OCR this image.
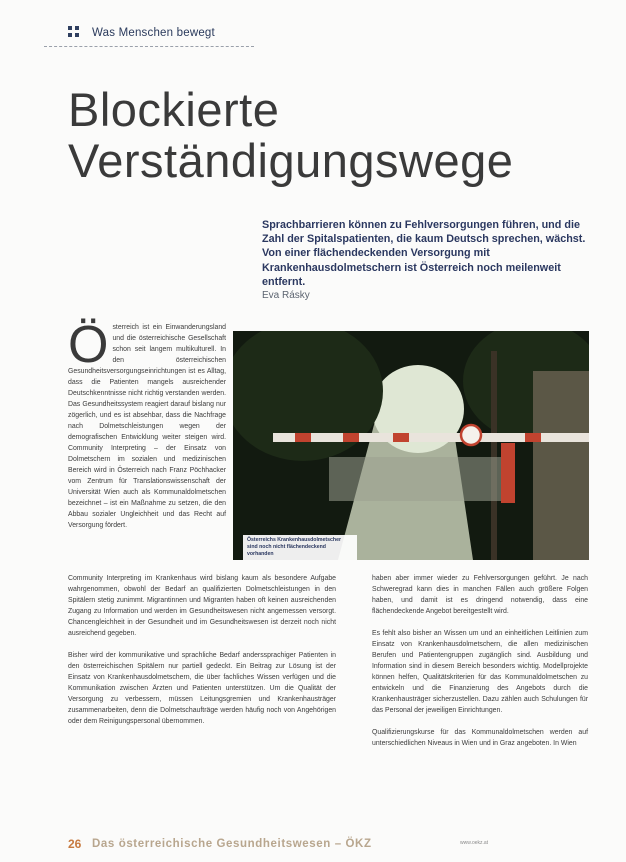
Was Menschen bewegt
Blockierte
Verständigungswege
Sprachbarrieren können zu Fehlversorgungen führen, und die Zahl der Spitalspatienten, die kaum Deutsch sprechen, wächst. Von einer flächendeckenden Versorgung mit Krankenhausdolmetschern ist Österreich noch meilenweit entfernt.
Eva Rásky
Ö sterreich ist ein Einwanderungsland und die österreichische Gesellschaft schon seit langem multikulturell. In den österreichischen Gesundheitsversorgungseinrichtungen ist es Alltag, dass die Patienten mangels ausreichender Deutschkenntnisse nicht richtig verstanden werden. Das Gesundheitssystem reagiert darauf bislang nur zögerlich, und es ist absehbar, dass die Nachfrage nach Dolmetschleistungen wegen der demografischen Entwicklung weiter steigen wird. Community Interpreting – der Einsatz von Dolmetschern im sozialen und medizinischen Bereich wird in Österreich nach Franz Pöchhacker vom Zentrum für Translationswissenschaft der Universität Wien auch als Kommunaldolmetschen bezeichnet – ist ein Maßnahme zu setzen, die den Abbau sozialer Ungleichheit und das Recht auf Versorgung fördert.
Österreichs Krankenhausdolmetscher sind noch nicht flächendeckend vorhanden

Community Interpreting im Krankenhaus wird bislang kaum als besondere Aufgabe wahrgenommen, obwohl der Bedarf an qualifizierten Dolmetschleistungen in den Spitälern stetig zunimmt. Migrantinnen und Migranten haben oft keinen ausreichenden Zugang zu Information und werden im Gesundheitswesen nicht angemessen versorgt. Chancengleichheit in der Gesundheit und im Gesundheitswesen ist derzeit noch nicht ausreichend gegeben.

Bisher wird der kommunikative und sprachliche Bedarf anderssprachiger Patienten in den österreichischen Spitälern nur partiell gedeckt. Ein Beitrag zur Lösung ist der Einsatz von Krankenhausdolmetschern, die über fachliches Wissen verfügen und die Kommunikation zwischen Ärzten und Patienten unterstützen. Um die Qualität der Versorgung zu verbessern, müssen Leitungsgremien und Krankenhausträger zusammenarbeiten, denn die Dolmetschaufträge werden häufig noch von Angehörigen oder dem Reinigungspersonal übernommen.

haben aber immer wieder zu Fehlversorgungen geführt. Je nach Schweregrad kann dies in manchen Fällen auch größere Folgen haben, und damit ist es dringend notwendig, dass eine flächendeckende Angebot bereitgestellt wird.

Es fehlt also bisher an Wissen um und an einheitlichen Leitlinien zum Einsatz von Krankenhausdolmetschern, die allen medizinischen Berufen und Patientengruppen zugänglich sind. Ausbildung und Information sind in diesem Bereich besonders wichtig. Modellprojekte können helfen, Qualitätskriterien für das Kommunaldolmetschen zu entwickeln und die Finanzierung des Angebots durch die Krankenhausträger sicherzustellen. Dazu zählen auch Schulungen für das Personal der jeweiligen Einrichtungen.

Qualifizierungskurse für das Kommunaldolmetschen werden auf unterschiedlichen Niveaus in Wien und in Graz angeboten. In Wien

26 Das österreichische Gesundheitswesen – ÖKZ	www.oekz.at
